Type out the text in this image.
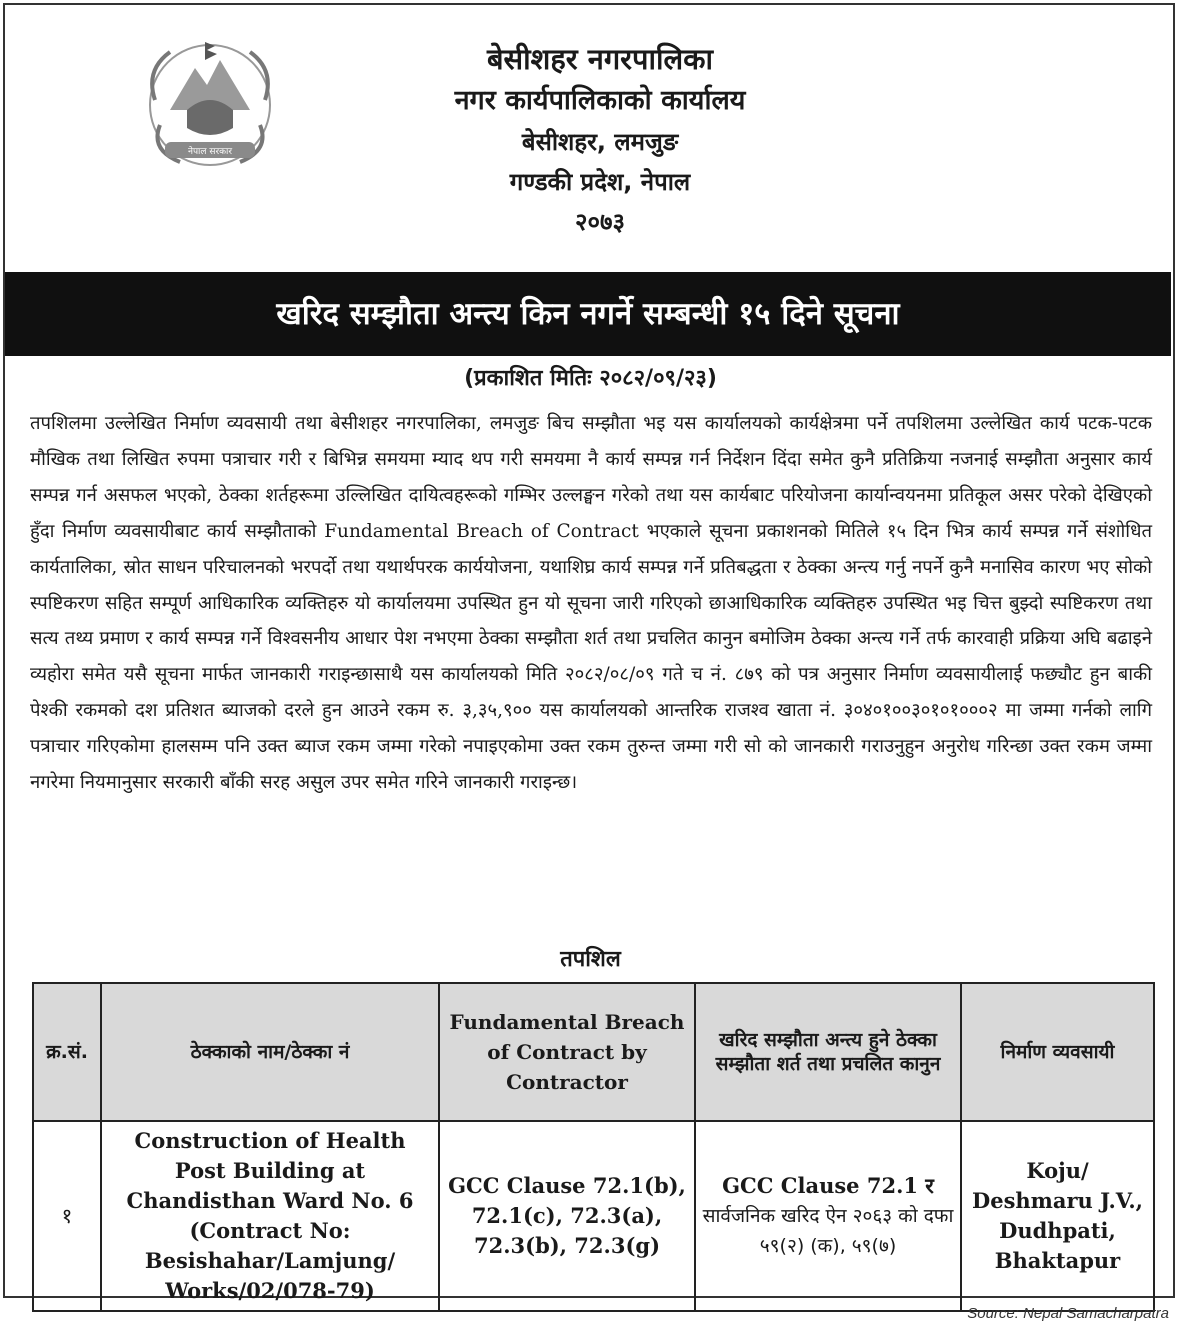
नेपाल सरकार
बेसीशहर नगरपालिका
नगर कार्यपालिकाको कार्यालय
बेसीशहर, लमजुङ
गण्डकी प्रदेश, नेपाल
२०७३
खरिद सम्झौता अन्त्य किन नगर्ने सम्बन्धी १५ दिने सूचना
(प्रकाशित मितिः २०८२/०९/२३)

तपशिलमा उल्लेखित निर्माण व्यवसायी तथा बेसीशहर नगरपालिका, लमजुङ बिच सम्झौता भइ यस कार्यालयको कार्यक्षेत्रमा पर्ने तपशिलमा उल्लेखित कार्य पटक-पटक मौखिक तथा लिखित रुपमा पत्राचार गरी र बिभिन्न समयमा म्याद थप गरी समयमा नै कार्य सम्पन्न गर्न निर्देशन दिंदा समेत कुनै प्रतिक्रिया नजनाई सम्झौता अनुसार कार्य सम्पन्न गर्न असफल भएको, ठेक्का शर्तहरूमा उल्लिखित दायित्वहरूको गम्भिर उल्लङ्घन गरेको तथा यस कार्यबाट परियोजना कार्यान्वयनमा प्रतिकूल असर परेको देखिएको हुँदा निर्माण व्यवसायीबाट कार्य सम्झौताको Fundamental Breach of Contract भएकाले सूचना प्रकाशनको मितिले १५ दिन भित्र कार्य सम्पन्न गर्ने संशोधित कार्यतालिका, स्रोत साधन परिचालनको भरपर्दो तथा यथार्थपरक कार्ययोजना, यथाशिघ्र कार्य सम्पन्न गर्ने प्रतिबद्धता र ठेक्का अन्त्य गर्नु नपर्ने कुनै मनासिव कारण भए सोको स्पष्टिकरण सहित सम्पूर्ण आधिकारिक व्यक्तिहरु यो कार्यालयमा उपस्थित हुन यो सूचना जारी गरिएको छाआधिकारिक व्यक्तिहरु उपस्थित भइ चित्त बुझ्दो स्पष्टिकरण तथा सत्य तथ्य प्रमाण र कार्य सम्पन्न गर्ने विश्वसनीय आधार पेश नभएमा ठेक्का सम्झौता शर्त तथा प्रचलित कानुन बमोजिम ठेक्का अन्त्य गर्ने तर्फ कारवाही प्रक्रिया अघि बढाइने व्यहोरा समेत यसै सूचना मार्फत जानकारी गराइन्छासाथै यस कार्यालयको मिति २०८२/०८/०९ गते च नं. ८७९ को पत्र अनुसार निर्माण व्यवसायीलाई फछ्यौट हुन बाकी पेश्की रकमको दश प्रतिशत ब्याजको दरले हुन आउने रकम रु. ३,३५,९०० यस कार्यालयको आन्तरिक राजश्व खाता नं. ३०४०१००३०१०१०००२ मा जम्मा गर्नको लागि पत्राचार गरिएकोमा हालसम्म पनि उक्त ब्याज रकम जम्मा गरेको नपाइएकोमा उक्त रकम तुरुन्त जम्मा गरी सो को जानकारी गराउनुहुन अनुरोध गरिन्छा उक्त रकम जम्मा नगरेमा नियमानुसार सरकारी बाँकी सरह असुल उपर समेत गरिने जानकारी गराइन्छ।

तपशिल
क्र.सं.	ठेक्काको नाम/ठेक्का नं	Fundamental Breach of Contract by Contractor	खरिद सम्झौता अन्त्य हुने ठेक्का सम्झौता शर्त तथा प्रचलित कानुन	निर्माण व्यवसायी
१	Construction of Health Post Building at Chandisthan Ward No. 6 (Contract No: Besishahar/Lamjung/ Works/02/078-79)	GCC Clause 72.1(b), 72.1(c), 72.3(a), 72.3(b), 72.3(g)	GCC Clause 72.1 र
सार्वजनिक खरिद ऐन २०६३ को दफा ५९(२) (क), ५९(७)	Koju/ Deshmaru J.V., Dudhpati, Bhaktapur
Source: Nepal Samacharpatra
